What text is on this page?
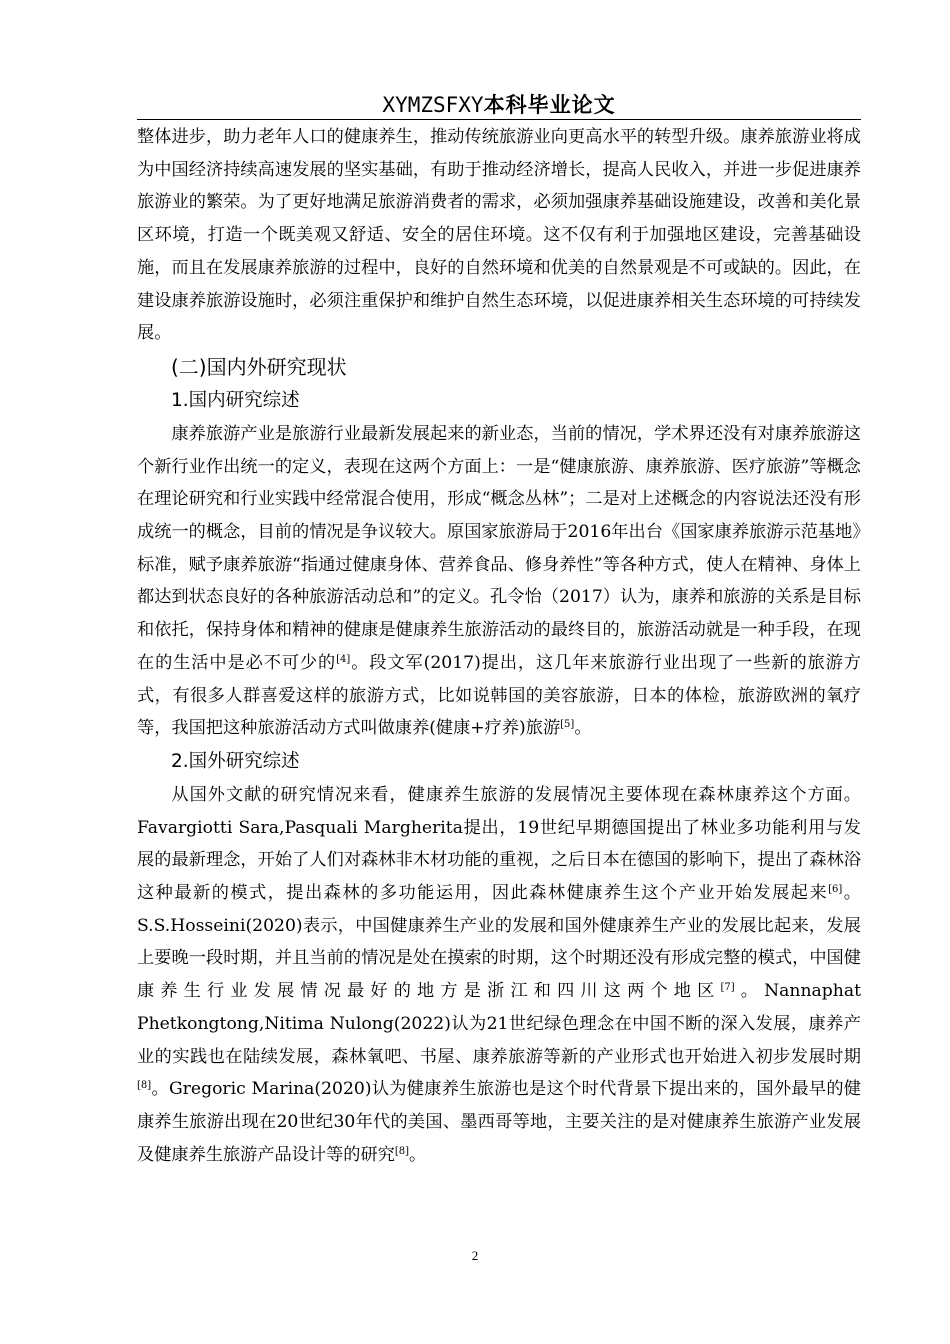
XYMZSFXY本科毕业论文

整体进步，助力老年人口的健康养生，推动传统旅游业向更高水平的转型升级。康养旅游业将成为中国经济持续高速发展的坚实基础，有助于推动经济增长，提高人民收入，并进一步促进康养旅游业的繁荣。为了更好地满足旅游消费者的需求，必须加强康养基础设施建设，改善和美化景区环境，打造一个既美观又舒适、安全的居住环境。这不仅有利于加强地区建设，完善基础设施，而且在发展康养旅游的过程中，良好的自然环境和优美的自然景观是不可或缺的。因此，在建设康养旅游设施时，必须注重保护和维护自然生态环境，以促进康养相关生态环境的可持续发展。

(二)国内外研究现状

1.国内研究综述

康养旅游产业是旅游行业最新发展起来的新业态，当前的情况，学术界还没有对康养旅游这个新行业作出统一的定义，表现在这两个方面上：一是“健康旅游、康养旅游、医疗旅游”等概念在理论研究和行业实践中经常混合使用，形成“概念丛林”；二是对上述概念的内容说法还没有形成统一的概念，目前的情况是争议较大。原国家旅游局于2016年出台《国家康养旅游示范基地》标准，赋予康养旅游“指通过健康身体、营养食品、修身养性”等各种方式，使人在精神、身体上都达到状态良好的各种旅游活动总和”的定义。孔令怡（2017）认为，康养和旅游的关系是目标和依托，保持身体和精神的健康是健康养生旅游活动的最终目的，旅游活动就是一种手段，在现在的生活中是必不可少的[4]。段文军(2017)提出，这几年来旅游行业出现了一些新的旅游方式，有很多人群喜爱这样的旅游方式，比如说韩国的美容旅游，日本的体检，旅游欧洲的氧疗等，我国把这种旅游活动方式叫做康养(健康+疗养)旅游[5]。

2.国外研究综述

从国外文献的研究情况来看，健康养生旅游的发展情况主要体现在森林康养这个方面。Favargiotti Sara,Pasquali Margherita提出，19世纪早期德国提出了林业多功能利用与发展的最新理念，开始了人们对森林非木材功能的重视，之后日本在德国的影响下，提出了森林浴这种最新的模式，提出森林的多功能运用，因此森林健康养生这个产业开始发展起来[6]。S.S.Hosseini(2020)表示，中国健康养生产业的发展和国外健康养生产业的发展比起来，发展上要晚一段时期，并且当前的情况是处在摸索的时期，这个时期还没有形成完整的模式，中国健康养生行业发展情况最好的地方是浙江和四川这两个地区[7]。Nannaphat Phetkongtong,Nitima Nulong(2022)认为21世纪绿色理念在中国不断的深入发展，康养产业的实践也在陆续发展，森林氧吧、书屋、康养旅游等新的产业形式也开始进入初步发展时期[8]。Gregoric Marina(2020)认为健康养生旅游也是这个时代背景下提出来的，国外最早的健康养生旅游出现在20世纪30年代的美国、墨西哥等地，主要关注的是对健康养生旅游产业发展及健康养生旅游产品设计等的研究[8]。

2
